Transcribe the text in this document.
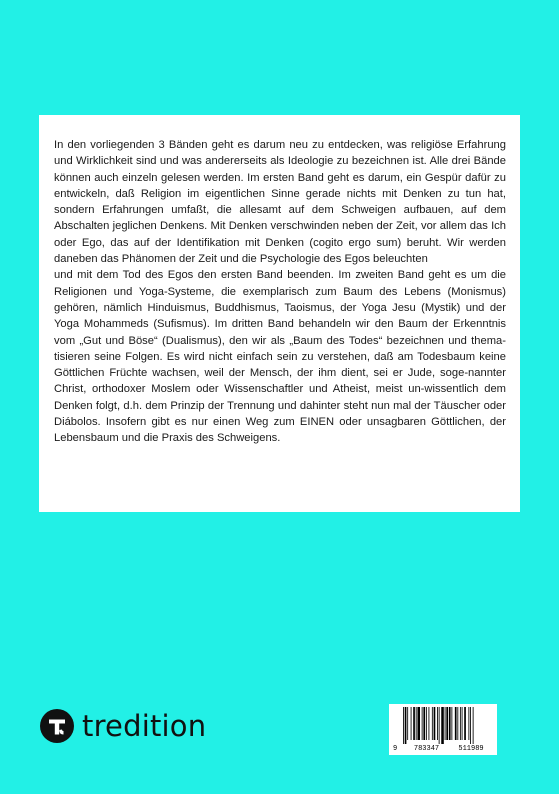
In den vorliegenden 3 Bänden geht es darum neu zu entdecken, was religiöse Erfahrung und Wirklichkeit sind und was andererseits als Ideologie zu bezeichnen ist. Alle drei Bände können auch einzeln gelesen werden. Im ersten Band geht es darum, ein Gespür dafür zu entwickeln, daß Religion im eigentlichen Sinne gerade nichts mit Denken zu tun hat, sondern Erfahrungen umfaßt, die allesamt auf dem Schweigen aufbauen, auf dem Abschalten jeglichen Denkens. Mit Denken verschwinden neben der Zeit, vor allem das Ich oder Ego, das auf der Identifikation mit Denken (cogito ergo sum) beruht. Wir werden daneben das Phänomen der Zeit und die Psychologie des Egos beleuchten

und mit dem Tod des Egos den ersten Band beenden. Im zweiten Band geht es um die Religionen und Yoga-Systeme, die exemplarisch zum Baum des Lebens (Monismus) gehören, nämlich Hinduismus, Buddhismus, Taoismus, der Yoga Jesu (Mystik) und der Yoga Mohammeds (Sufismus). Im dritten Band behandeln wir den Baum der Erkenntnis vom „Gut und Böse“ (Dualismus), den wir als „Baum des Todes“ bezeichnen und thema-tisieren seine Folgen. Es wird nicht einfach sein zu verstehen, daß am Todesbaum keine Göttlichen Früchte wachsen, weil der Mensch, der ihm dient, sei er Jude, soge-nannter Christ, orthodoxer Moslem oder Wissenschaftler und Atheist, meist un-wissentlich dem Denken folgt, d.h. dem Prinzip der Trennung und dahinter steht nun mal der Täuscher oder Diábolos. Insofern gibt es nur einen Weg zum EINEN oder unsagbaren Göttlichen, der Lebensbaum und die Praxis des Schweigens.

tredition
9	783347	511989
